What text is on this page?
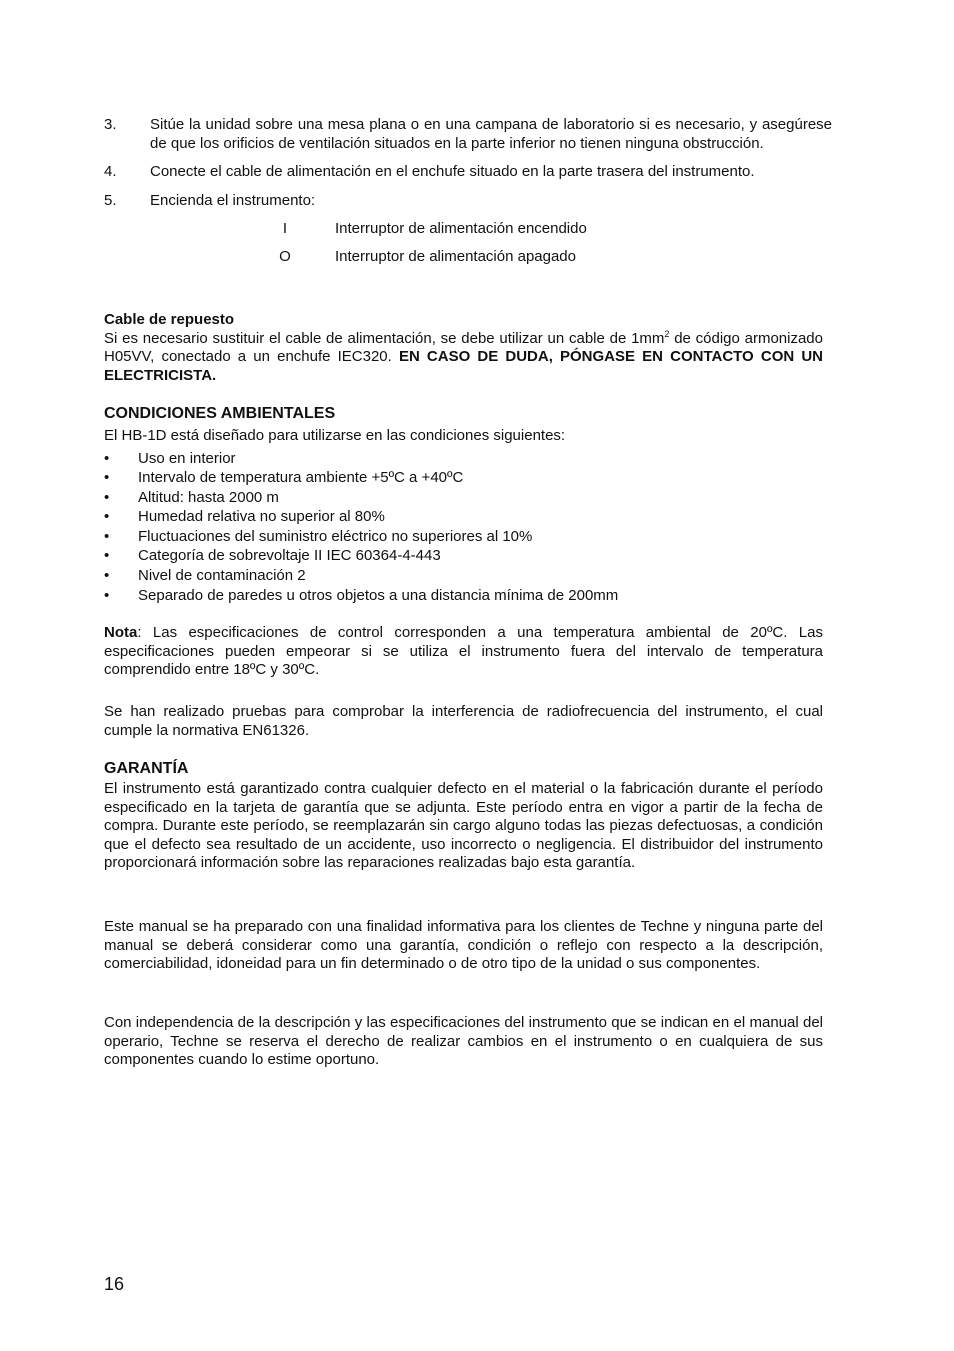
3. Sitúe la unidad sobre una mesa plana o en una campana de laboratorio si es necesario, y asegúrese de que los orificios de ventilación situados en la parte inferior no tienen ninguna obstrucción.
4. Conecte el cable de alimentación en el enchufe situado en la parte trasera del instrumento.
5. Encienda el instrumento:
I	Interruptor de alimentación encendido
O	Interruptor de alimentación apagado

Cable de repuesto

Si es necesario sustituir el cable de alimentación, se debe utilizar un cable de $1mm^2$ de código armonizado H05VV, conectado a un enchufe IEC320. EN CASO DE DUDA, PÓNGASE EN CONTACTO CON UN ELECTRICISTA.

CONDICIONES AMBIENTALES

El HB-1D está diseñado para utilizarse en las condiciones siguientes:

• Uso en interior
• Intervalo de temperatura ambiente +5ºC a +40ºC
• Altitud: hasta 2000 m
• Humedad relativa no superior al 80%
• Fluctuaciones del suministro eléctrico no superiores al 10%
• Categoría de sobrevoltaje II IEC 60364-4-443
• Nivel de contaminación 2
• Separado de paredes u otros objetos a una distancia mínima de 200mm

Nota: Las especificaciones de control corresponden a una temperatura ambiental de 20ºC. Las especificaciones pueden empeorar si se utiliza el instrumento fuera del intervalo de temperatura comprendido entre 18ºC y 30ºC.

Se han realizado pruebas para comprobar la interferencia de radiofrecuencia del instrumento, el cual cumple la normativa EN61326.

GARANTÍA

El instrumento está garantizado contra cualquier defecto en el material o la fabricación durante el período especificado en la tarjeta de garantía que se adjunta. Este período entra en vigor a partir de la fecha de compra. Durante este período, se reemplazarán sin cargo alguno todas las piezas defectuosas, a condición que el defecto sea resultado de un accidente, uso incorrecto o negligencia. El distribuidor del instrumento proporcionará información sobre las reparaciones realizadas bajo esta garantía.

Este manual se ha preparado con una finalidad informativa para los clientes de Techne y ninguna parte del manual se deberá considerar como una garantía, condición o reflejo con respecto a la descripción, comerciabilidad, idoneidad para un fin determinado o de otro tipo de la unidad o sus componentes.

Con independencia de la descripción y las especificaciones del instrumento que se indican en el manual del operario, Techne se reserva el derecho de realizar cambios en el instrumento o en cualquiera de sus componentes cuando lo estime oportuno.

16
